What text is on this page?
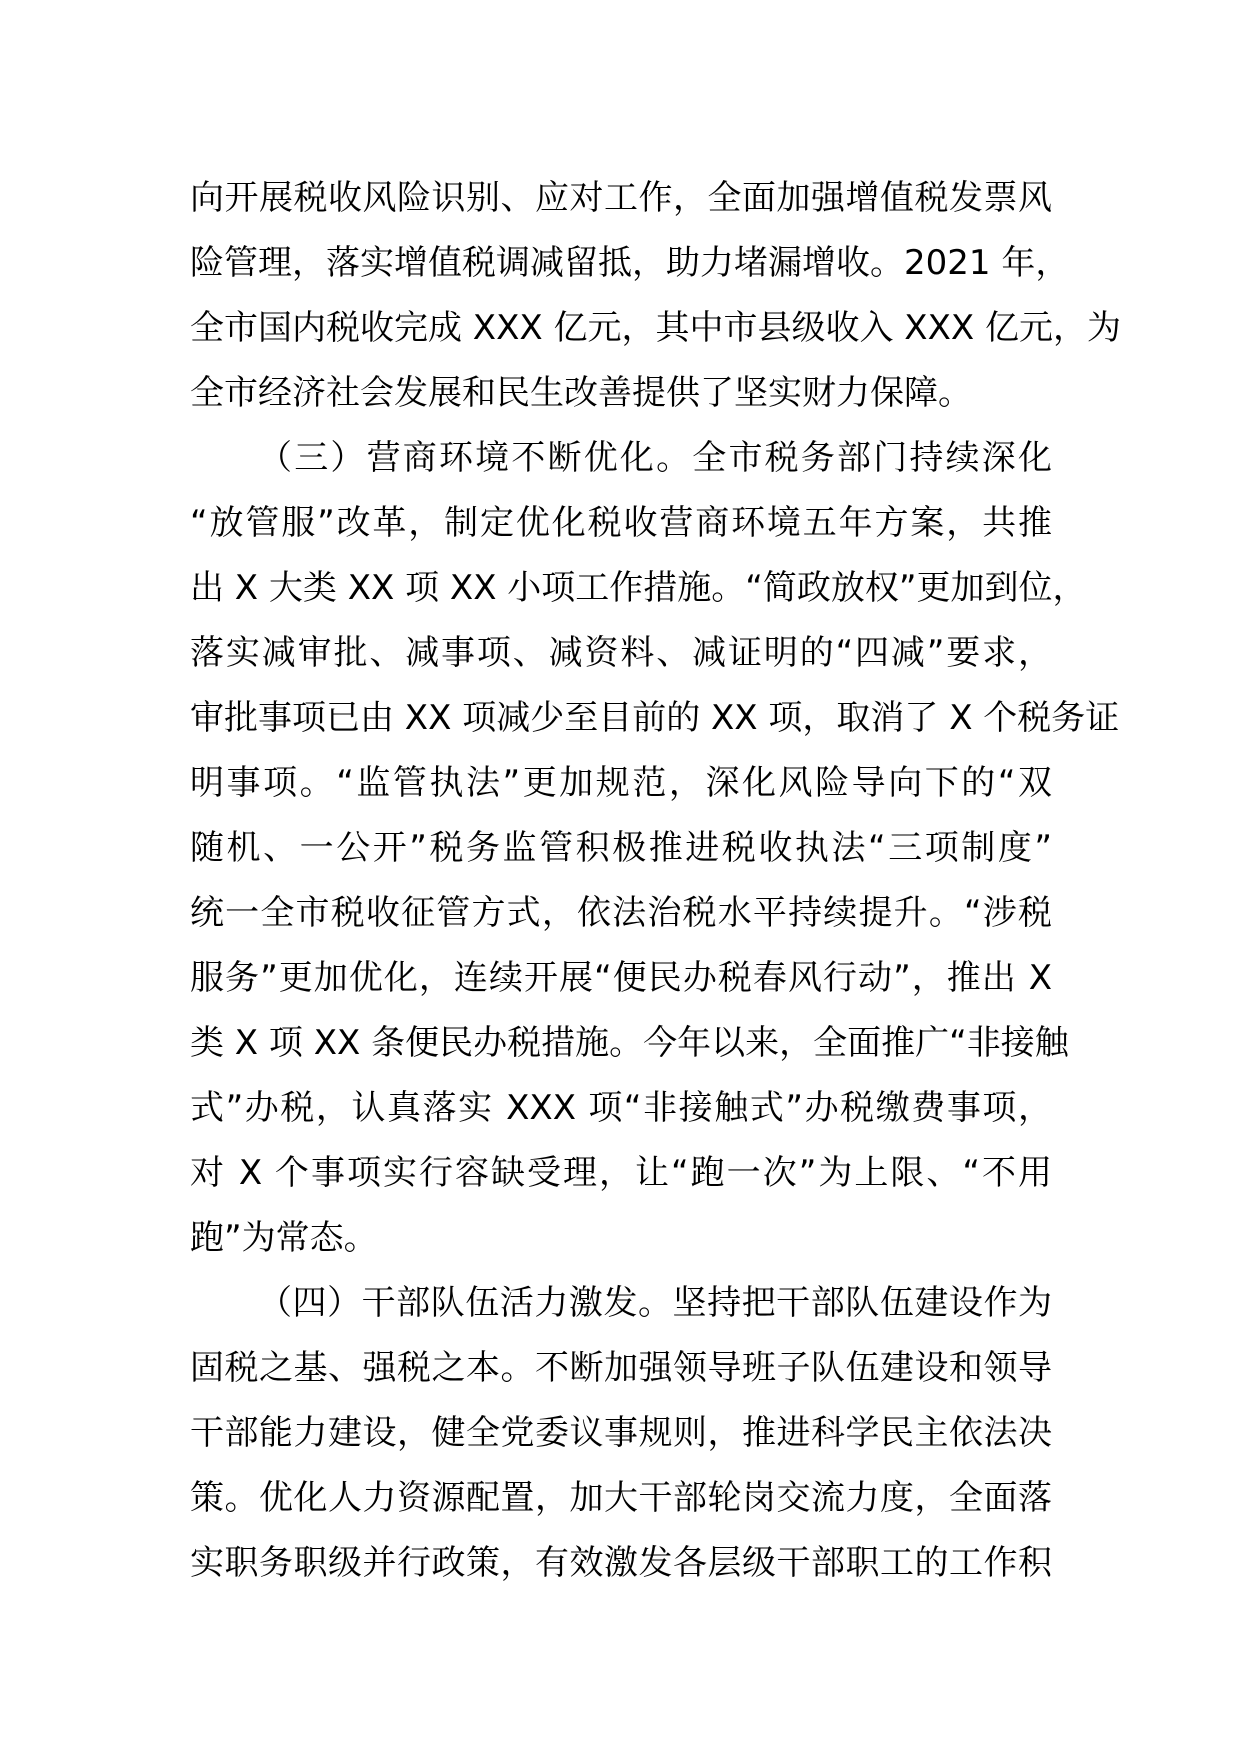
向开展税收风险识别、应对工作，全面加强增值税发票风
险管理，落实增值税调减留抵，助力堵漏增收。2021 年，
全市国内税收完成 XXX 亿元，其中市县级收入 XXX 亿元，为
全市经济社会发展和民生改善提供了坚实财力保障。
（三）营商环境不断优化。全市税务部门持续深化
“放管服”改革，制定优化税收营商环境五年方案，共推
出 X 大类 XX 项 XX 小项工作措施。“简政放权”更加到位，
落实减审批、减事项、减资料、减证明的“四减”要求，
审批事项已由 XX 项减少至目前的 XX 项，取消了 X 个税务证
明事项。“监管执法”更加规范，深化风险导向下的“双
随机、一公开”税务监管积极推进税收执法“三项制度”
统一全市税收征管方式，依法治税水平持续提升。“涉税
服务”更加优化，连续开展“便民办税春风行动”，推出 X
类 X 项 XX 条便民办税措施。今年以来，全面推广“非接触
式”办税，认真落实 XXX 项“非接触式”办税缴费事项，
对 X 个事项实行容缺受理，让“跑一次”为上限、“不用
跑”为常态。
（四）干部队伍活力激发。坚持把干部队伍建设作为
固税之基、强税之本。不断加强领导班子队伍建设和领导
干部能力建设，健全党委议事规则，推进科学民主依法决
策。优化人力资源配置，加大干部轮岗交流力度，全面落
实职务职级并行政策，有效激发各层级干部职工的工作积
